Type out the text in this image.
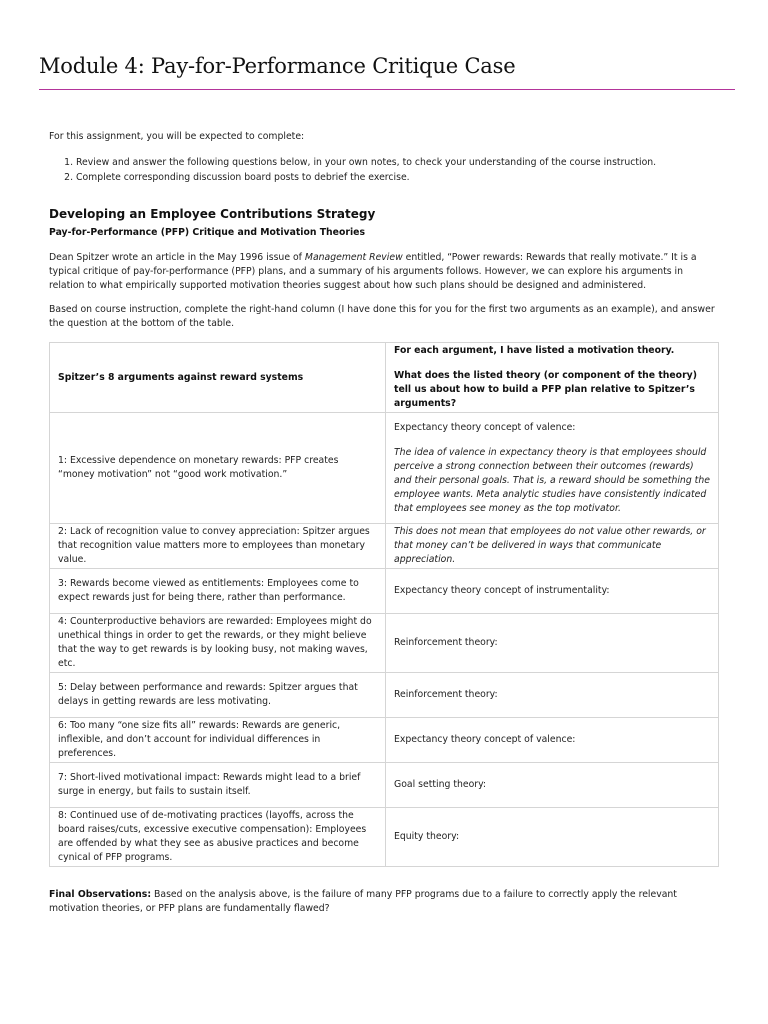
Module 4: Pay-for-Performance Critique Case

For this assignment, you will be expected to complete:

1. Review and answer the following questions below, in your own notes, to check your understanding of the course instruction.
2. Complete corresponding discussion board posts to debrief the exercise.
Developing an Employee Contributions Strategy

Pay-for-Performance (PFP) Critique and Motivation Theories

Dean Spitzer wrote an article in the May 1996 issue of Management Review entitled, “Power rewards: Rewards that really motivate.” It is a typical critique of pay-for-performance (PFP) plans, and a summary of his arguments follows. However, we can explore his arguments in relation to what empirically supported motivation theories suggest about how such plans should be designed and administered.

Based on course instruction, complete the right-hand column (I have done this for you for the first two arguments as an example), and answer the question at the bottom of the table.

Spitzer’s 8 arguments against reward systems	For each argument, I have listed a motivation theory.
What does the listed theory (or component of the theory) tell us about how to build a PFP plan relative to Spitzer’s arguments?

1: Excessive dependence on monetary rewards: PFP creates “money motivation” not “good work motivation.”	Expectancy theory concept of valence:
The idea of valence in expectancy theory is that employees should perceive a strong connection between their outcomes (rewards) and their personal goals. That is, a reward should be something the employee wants. Meta analytic studies have consistently indicated that employees see money as the top motivator.

2: Lack of recognition value to convey appreciation: Spitzer argues that recognition value matters more to employees than monetary value.	This does not mean that employees do not value other rewards, or that money can’t be delivered in ways that communicate appreciation.
3: Rewards become viewed as entitlements: Employees come to expect rewards just for being there, rather than performance.	Expectancy theory concept of instrumentality:
4: Counterproductive behaviors are rewarded: Employees might do unethical things in order to get the rewards, or they might believe that the way to get rewards is by looking busy, not making waves, etc.	Reinforcement theory:
5: Delay between performance and rewards: Spitzer argues that delays in getting rewards are less motivating.	Reinforcement theory:
6: Too many “one size fits all” rewards: Rewards are generic, inflexible, and don’t account for individual differences in preferences.	Expectancy theory concept of valence:
7: Short-lived motivational impact: Rewards might lead to a brief surge in energy, but fails to sustain itself.	Goal setting theory:
8: Continued use of de-motivating practices (layoffs, across the board raises/cuts, excessive executive compensation): Employees are offended by what they see as abusive practices and become cynical of PFP programs.	Equity theory:

Final Observations: Based on the analysis above, is the failure of many PFP programs due to a failure to correctly apply the relevant motivation theories, or PFP plans are fundamentally flawed?
